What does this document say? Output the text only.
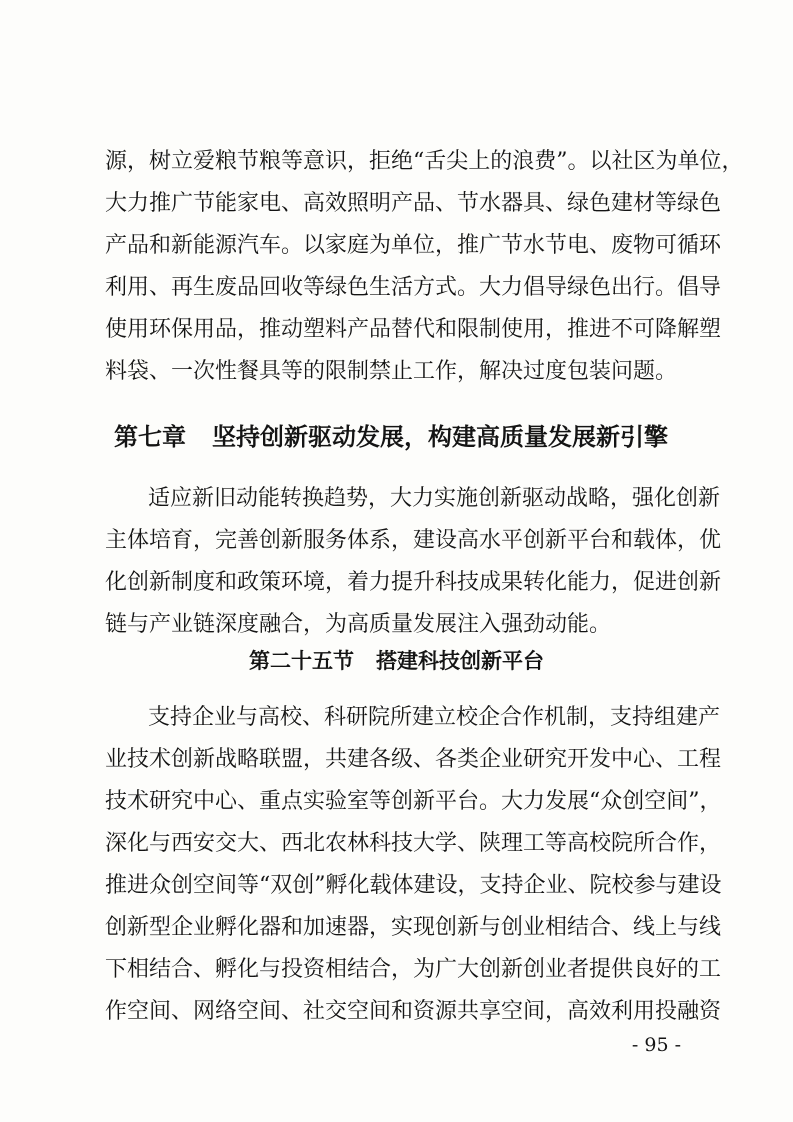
源，树立爱粮节粮等意识，拒绝“舌尖上的浪费”。以社区为单位，
大力推广节能家电、高效照明产品、节水器具、绿色建材等绿色
产品和新能源汽车。以家庭为单位，推广节水节电、废物可循环
利用、再生废品回收等绿色生活方式。大力倡导绿色出行。倡导
使用环保用品，推动塑料产品替代和限制使用，推进不可降解塑
料袋、一次性餐具等的限制禁止工作，解决过度包装问题。
第七章 坚持创新驱动发展，构建高质量发展新引擎
适应新旧动能转换趋势，大力实施创新驱动战略，强化创新
主体培育，完善创新服务体系，建设高水平创新平台和载体，优
化创新制度和政策环境，着力提升科技成果转化能力，促进创新
链与产业链深度融合，为高质量发展注入强劲动能。
第二十五节 搭建科技创新平台
支持企业与高校、科研院所建立校企合作机制，支持组建产
业技术创新战略联盟，共建各级、各类企业研究开发中心、工程
技术研究中心、重点实验室等创新平台。大力发展“众创空间”，
深化与西安交大、西北农林科技大学、陕理工等高校院所合作，
推进众创空间等“双创”孵化载体建设，支持企业、院校参与建设
创新型企业孵化器和加速器，实现创新与创业相结合、线上与线
下相结合、孵化与投资相结合，为广大创新创业者提供良好的工
作空间、网络空间、社交空间和资源共享空间，高效利用投融资
- 95 -
